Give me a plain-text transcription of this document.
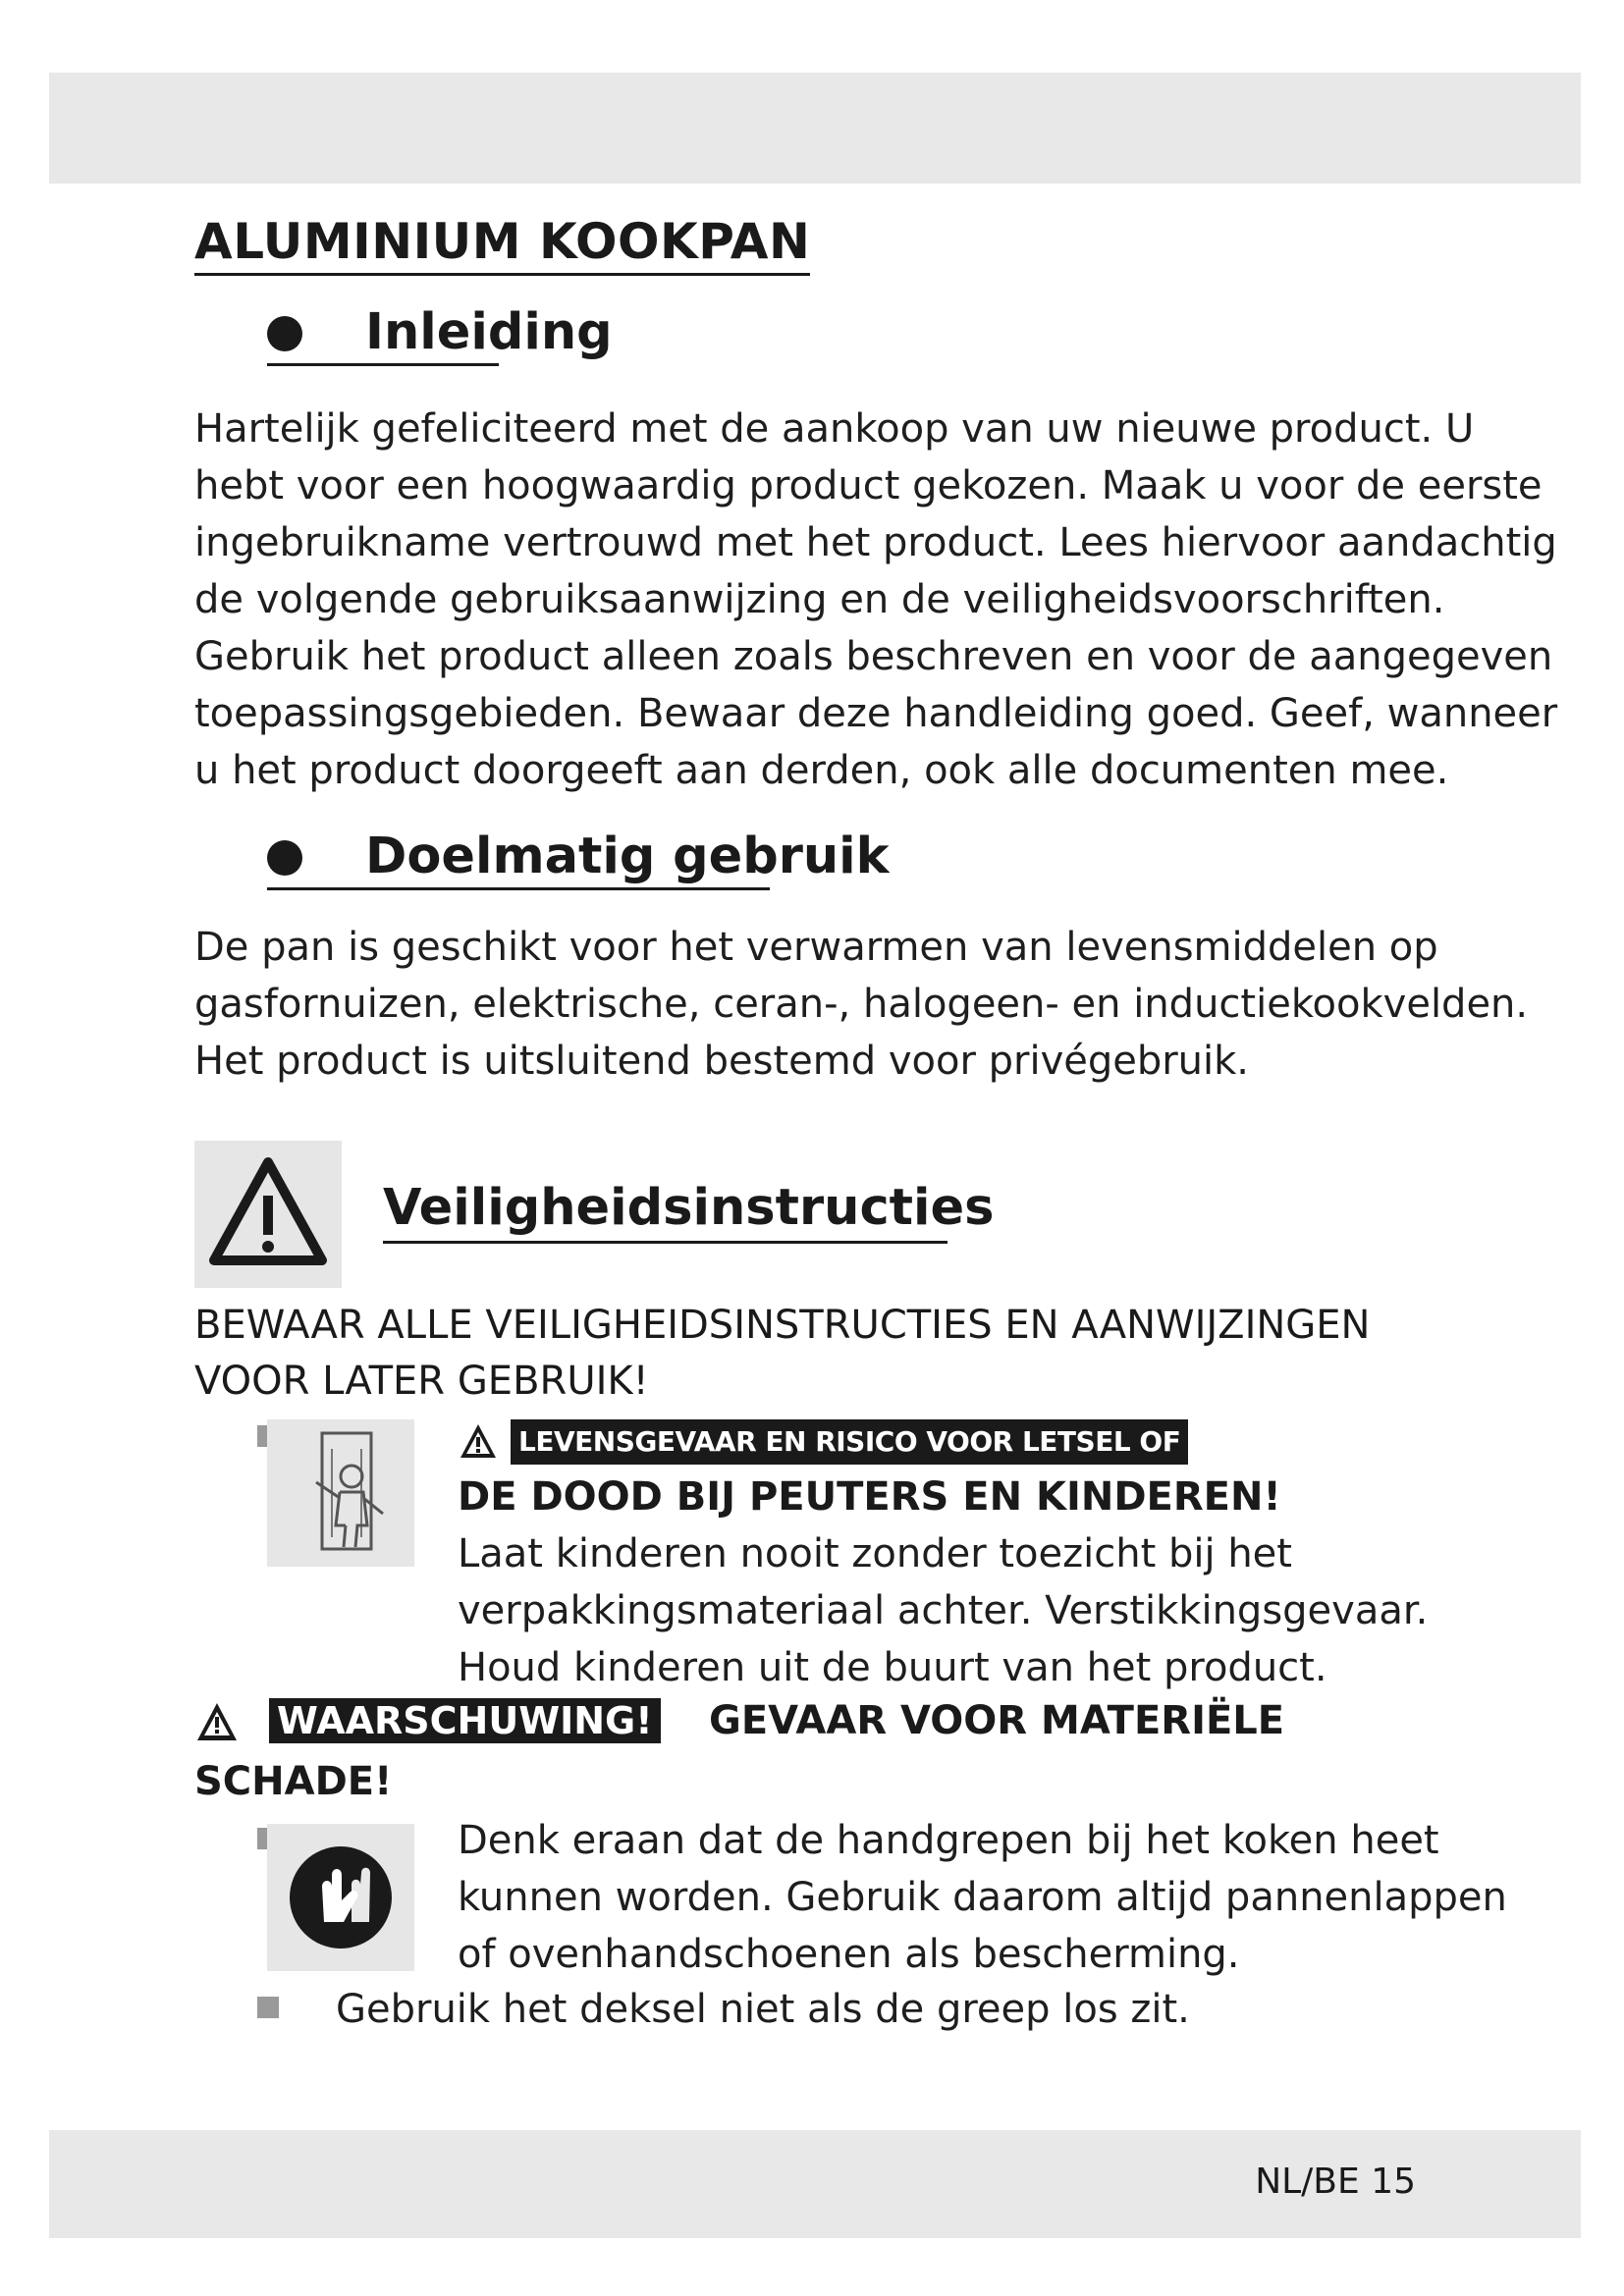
ALUMINIUM KOOKPAN
Inleiding

Hartelijk gefeliciteerd met de aankoop van uw nieuwe product. U

hebt voor een hoogwaardig product gekozen. Maak u voor de eerste

ingebruikname vertrouwd met het product. Lees hiervoor aandachtig

de volgende gebruiksaanwijzing en de veiligheidsvoorschriften.

Gebruik het product alleen zoals beschreven en voor de aangegeven

toepassingsgebieden. Bewaar deze handleiding goed. Geef, wanneer

u het product doorgeeft aan derden, ook alle documenten mee.

Doelmatig gebruik

De pan is geschikt voor het verwarmen van levensmiddelen op

gasfornuizen, elektrische, ceran-, halogeen- en inductiekookvelden.

Het product is uitsluitend bestemd voor privégebruik.

Veiligheidsinstructies

BEWAAR ALLE VEILIGHEIDSINSTRUCTIES EN AANWIJZINGEN

VOOR LATER GEBRUIK!

LEVENSGEVAAR EN RISICO VOOR LETSEL OF

DE DOOD BIJ PEUTERS EN KINDEREN!

Laat kinderen nooit zonder toezicht bij het

verpakkingsmateriaal achter. Verstikkingsgevaar.

Houd kinderen uit de buurt van het product.

WAARSCHUWING! GEVAAR VOOR MATERIËLE

SCHADE!

Denk eraan dat de handgrepen bij het koken heet

kunnen worden. Gebruik daarom altijd pannenlappen

of ovenhandschoenen als bescherming.

Gebruik het deksel niet als de greep los zit.

NL/BE 15
